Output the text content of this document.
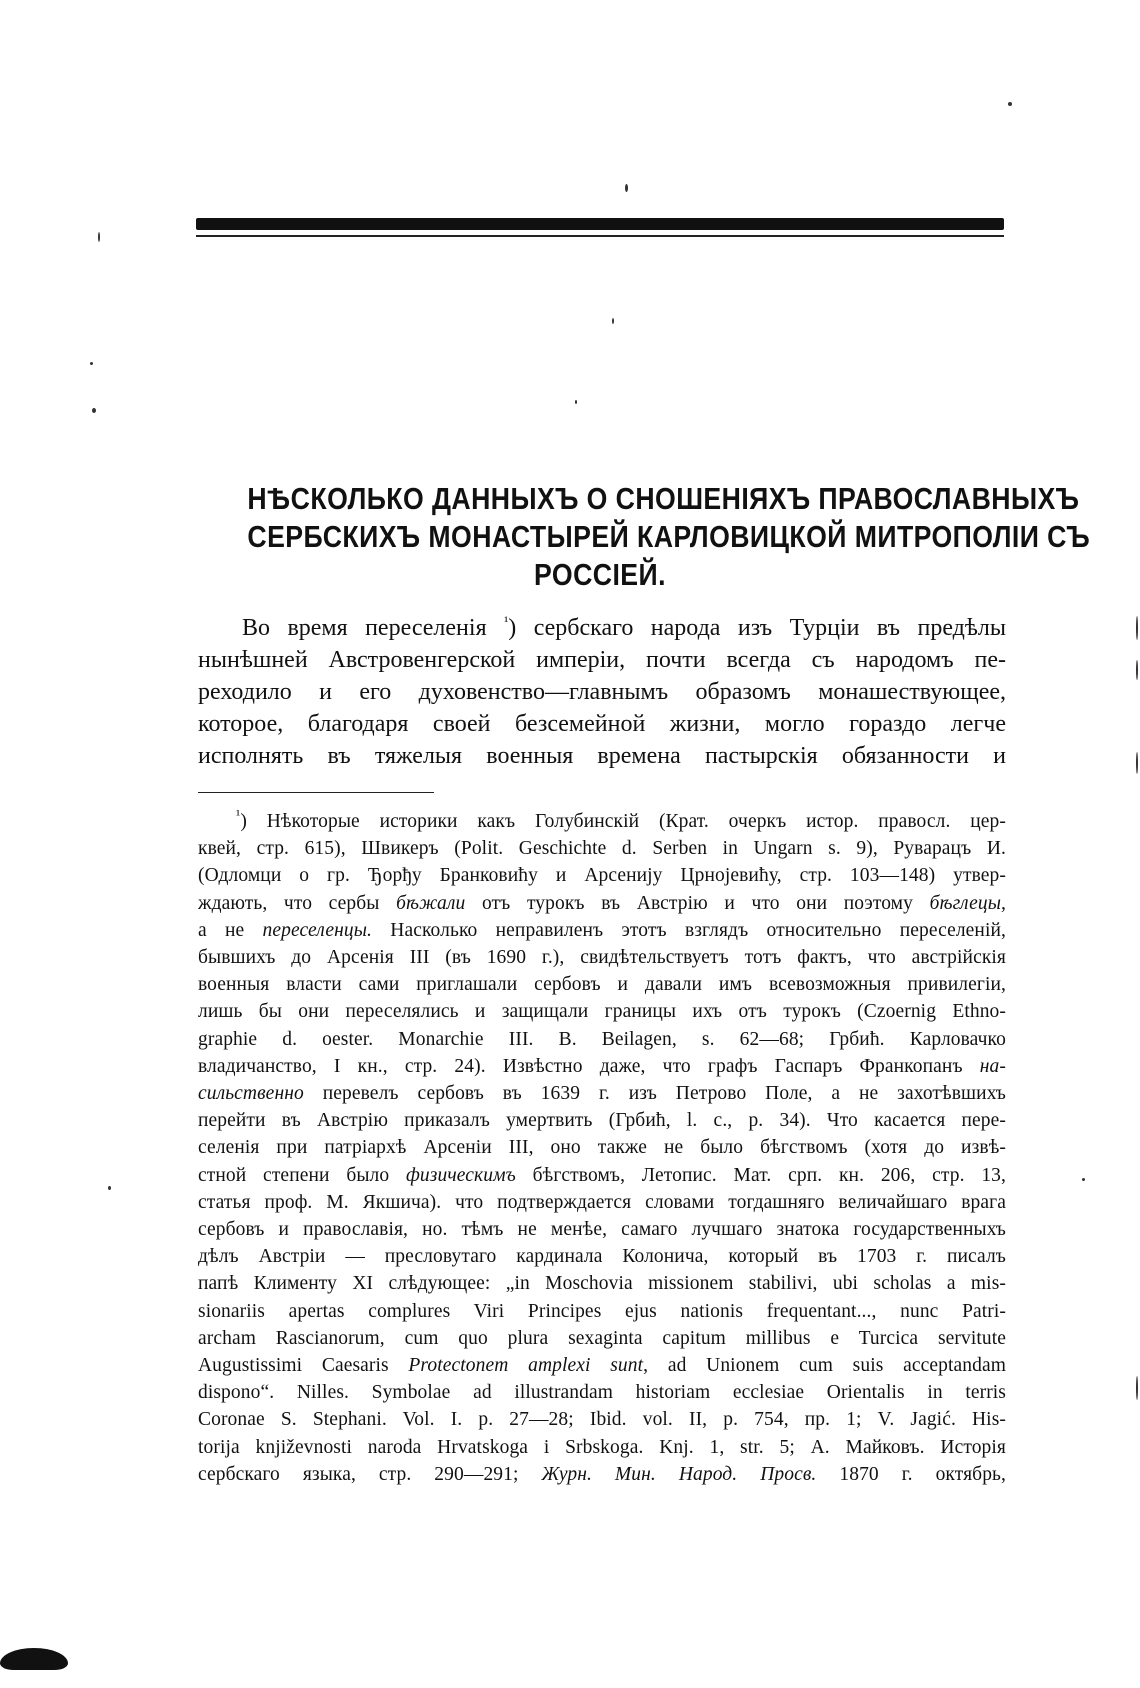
НѢСКОЛЬКО ДАННЫХЪ О СНОШЕНІЯХЪ ПРАВОСЛАВНЫХЪ
СЕРБСКИХЪ МОНАСТЫРЕЙ КАРЛОВИЦКОЙ МИТРОПОЛІИ СЪ
РОССІЕЙ.
Во время переселенія $^{^1}$) сербскаго народа изъ Турціи въ предѣлы
нынѣшней Австровенгерской имперіи, почти всегда съ народомъ пе-
реходило и его духовенство—главнымъ образомъ монашествующее,
которое, благодаря своей безсемейной жизни, могло гораздо легче
исполнять въ тяжелыя военныя времена пастырскія обязанности и
$^{^1}$) Нѣкоторые историки какъ Голубинскій (Крат. очеркъ истор. правосл. цер-
квей, стр. 615), Швикеръ (Polit. Geschichte d. Serben in Ungarn s. 9), Руварацъ И.
(Одломци о гр. Ђорђу Бранковићу и Арсенију Црнојевићу, стр. 103—148) утвер-
ждають, что сербы бѣжали отъ турокъ въ Австрію и что они поэтому бѣглецы,
а не переселенцы. Насколько неправиленъ этотъ взглядъ относительно переселеній,
бывшихъ до Арсенія III (въ 1690 г.), свидѣтельствуетъ тотъ фактъ, что австрійскія
военныя власти сами приглашали сербовъ и давали имъ всевозможныя привилегіи,
лишь бы они переселялись и защищали границы ихъ отъ турокъ (Czoernig Ethno-
graphie d. oester. Monarchie III. B. Beilagen, s. 62—68; Грбић. Карловачко
владичанство, I кн., стр. 24). Извѣстно даже, что графъ Гаспаръ Франкопанъ на-
сильственно перевелъ сербовъ въ 1639 г. изъ Петрово Поле, а не захотѣвшихъ
перейти въ Австрію приказалъ умертвить (Грбић, l. c., р. 34). Что касается пере-
селенія при патріархѣ Арсеніи III, оно также не было бѣгствомъ (хотя до извѣ-
стной степени было физическимъ бѣгствомъ, Летопис. Мат. срп. кн. 206, стр. 13,
статья проф. М. Якшича). что подтверждается словами тогдашняго величайшаго врага
сербовъ и православія, но. тѣмъ не менѣе, самаго лучшаго знатока государственныхъ
дѣлъ Австріи — пресловутаго кардинала Колонича, который въ 1703 г. писалъ
папѣ Клименту XI слѣдующее: „in Moschovia missionem stabilivi, ubi scholas a mis-
sionariis apertas complures Viri Principes ejus nationis frequentant..., nunc Patri-
archam Rascianorum, cum quo plura sexaginta capitum millibus e Turcica servitute
Augustissimi Caesaris Protectonem amplexi sunt, ad Unionem cum suis acceptandam
dispono“. Nilles. Symbolae ad illustrandam historiam ecclesiae Orientalis in terris
Coronae S. Stephani. Vol. I. p. 27—28; Ibid. vol. II, p. 754, пр. 1; V. Jagić. His-
torija književnosti naroda Hrvatskoga i Srbskoga. Knj. 1, str. 5; А. Майковъ. Исторія
сербскаго языка, стр. 290—291; Журн. Мин. Народ. Просв. 1870 г. октябрь,
